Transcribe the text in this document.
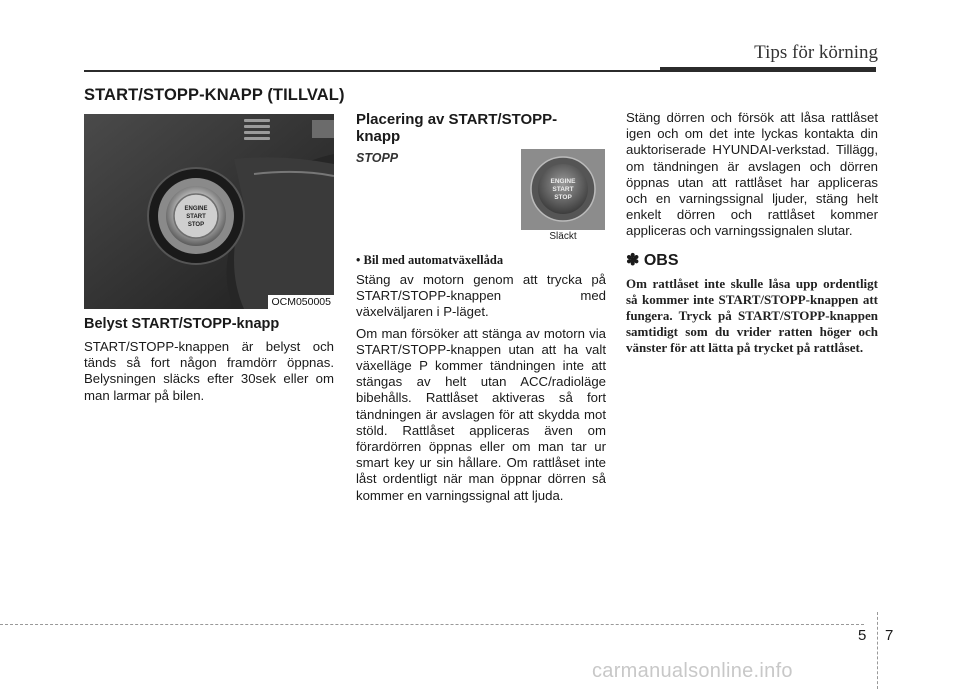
Tips för körning
START/STOPP-KNAPP (TILLVAL)
ENGINE
START
STOP
OCM050005
Belyst START/STOPP-knapp

START/STOPP-knappen är belyst och tänds så fort någon framdörr öppnas. Belysningen släcks efter 30sek eller om man larmar på bilen.

ENGINE
START
STOP
Släckt
Placering av START/STOPP-knapp
STOPP

• Bil med automatväxellåda

Stäng av motorn genom att trycka på START/STOPP-knappen med växelväljaren i P-läget.

Om man försöker att stänga av motorn via START/STOPP-knappen utan att ha valt växelläge P kommer tändningen inte att stängas av helt utan ACC/radioläge bibehålls. Rattlåset aktiveras så fort tändningen är avslagen för att skydda mot stöld. Rattlåset appliceras även om förardörren öppnas eller om man tar ur smart key ur sin hållare. Om rattlåset inte låst ordentligt när man öppnar dörren så kommer en varningssignal att ljuda.

Stäng dörren och försök att låsa rattlåset igen och om det inte lyckas kontakta din auktoriserade HYUNDAI-verkstad. Tillägg, om tändningen är avslagen och dörren öppnas utan att rattlåset har appliceras och en varningssignal ljuder, stäng helt enkelt dörren och rattlåset kommer appliceras och varningssignalen slutar.

✽ OBS

Om rattlåset inte skulle låsa upp ordentligt så kommer inte START/STOPP-knappen att fungera. Tryck på START/STOPP-knappen samtidigt som du vrider ratten höger och vänster för att lätta på trycket på rattlåset.

5 7
carmanualsonline.info
